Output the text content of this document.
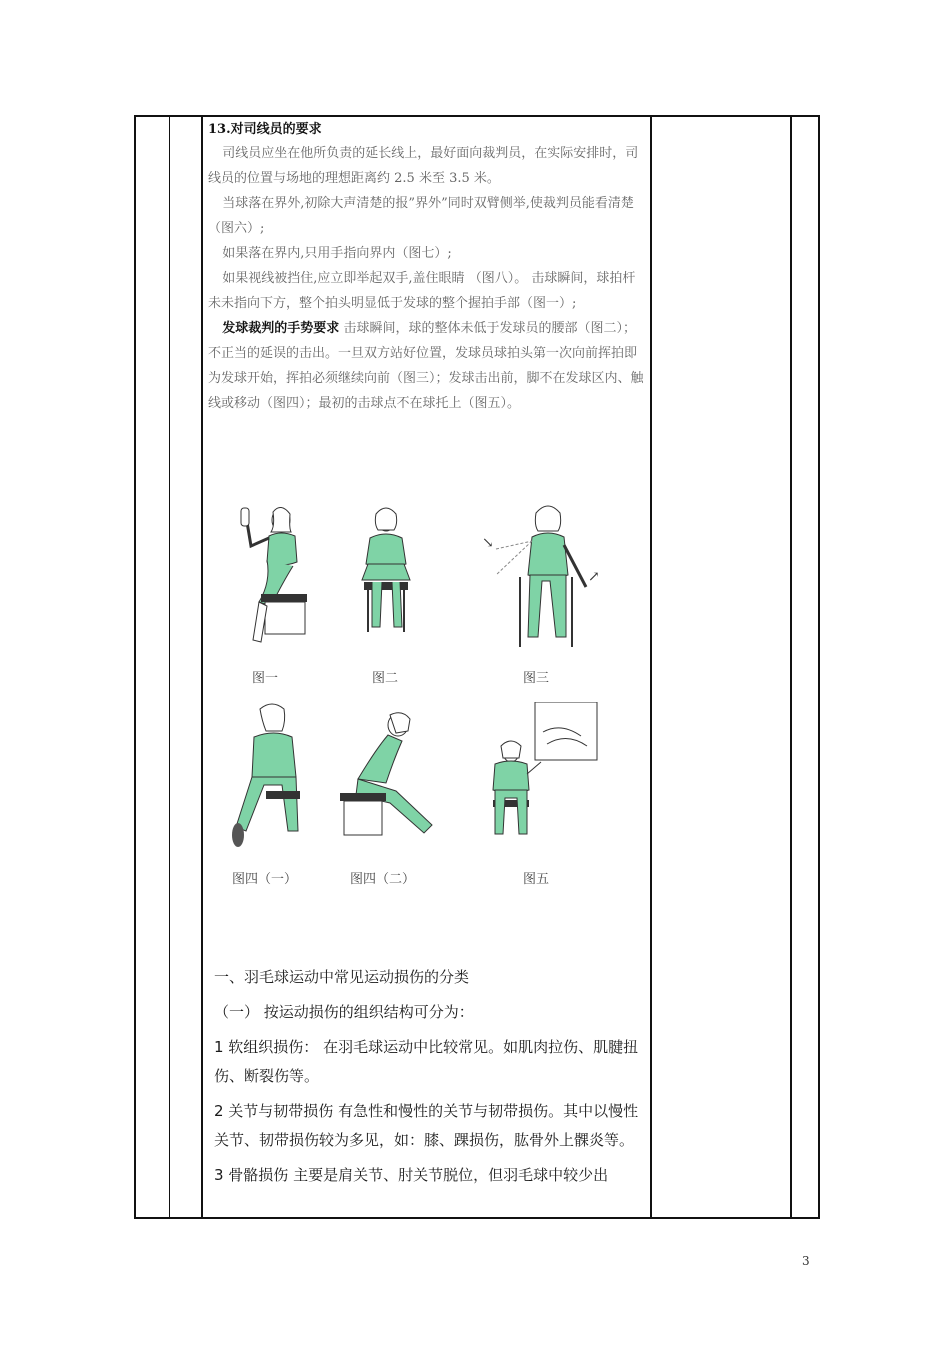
13.对司线员的要求

司线员应坐在他所负责的延长线上，最好面向裁判员，在实际安排时，司线员的位置与场地的理想距离约 2.5 米至 3.5 米。

当球落在界外,初除大声清楚的报”界外”同时双臂侧举,使裁判员能看清楚（图六）;

如果落在界内,只用手指向界内（图七）;

如果视线被挡住,应立即举起双手,盖住眼睛 （图八）。 击球瞬间，球拍杆未未指向下方，整个拍头明显低于发球的整个握拍手部（图一）;

发球裁判的手势要求 击球瞬间，球的整体未低于发球员的腰部（图二）；不正当的延误的击出。一旦双方站好位置，发球员球拍头第一次向前挥拍即为发球开始，挥拍必须继续向前（图三）；发球击出前，脚不在发球区内、触线或移动（图四）；最初的击球点不在球托上（图五）。

↘
↗
图一	图二	图三
图四（一）	图四（二）	图五
一、羽毛球运动中常见运动损伤的分类
（一） 按运动损伤的组织结构可分为：
1 软组织损伤： 在羽毛球运动中比较常见。如肌肉拉伤、肌腱扭伤、断裂伤等。
2 关节与韧带损伤 有急性和慢性的关节与韧带损伤。其中以慢性关节、韧带损伤较为多见，如：膝、踝损伤，肱骨外上髁炎等。
3 骨骼损伤 主要是肩关节、肘关节脱位，但羽毛球中较少出
3
